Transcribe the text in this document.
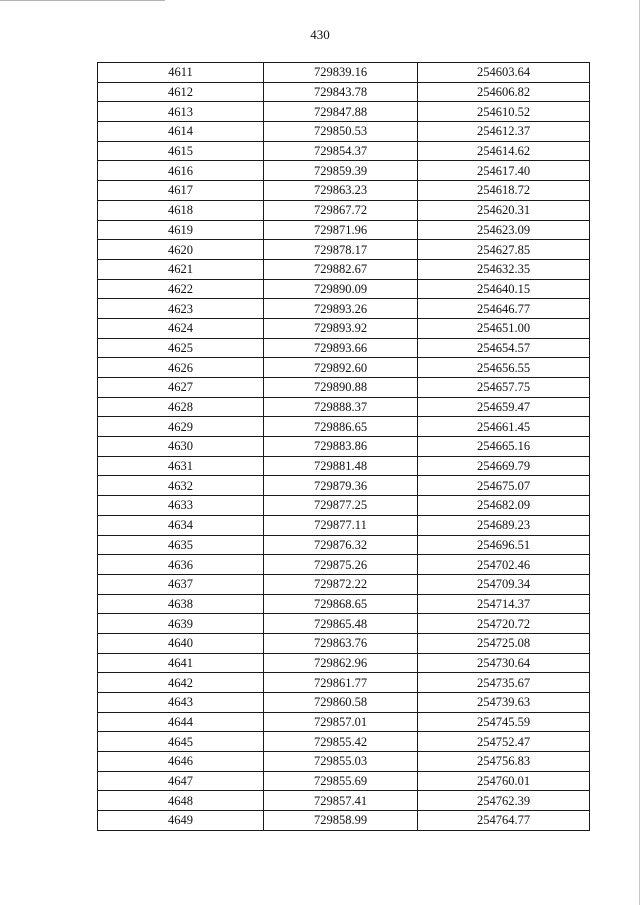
430
4611	729839.16	254603.64
4612	729843.78	254606.82
4613	729847.88	254610.52
4614	729850.53	254612.37
4615	729854.37	254614.62
4616	729859.39	254617.40
4617	729863.23	254618.72
4618	729867.72	254620.31
4619	729871.96	254623.09
4620	729878.17	254627.85
4621	729882.67	254632.35
4622	729890.09	254640.15
4623	729893.26	254646.77
4624	729893.92	254651.00
4625	729893.66	254654.57
4626	729892.60	254656.55
4627	729890.88	254657.75
4628	729888.37	254659.47
4629	729886.65	254661.45
4630	729883.86	254665.16
4631	729881.48	254669.79
4632	729879.36	254675.07
4633	729877.25	254682.09
4634	729877.11	254689.23
4635	729876.32	254696.51
4636	729875.26	254702.46
4637	729872.22	254709.34
4638	729868.65	254714.37
4639	729865.48	254720.72
4640	729863.76	254725.08
4641	729862.96	254730.64
4642	729861.77	254735.67
4643	729860.58	254739.63
4644	729857.01	254745.59
4645	729855.42	254752.47
4646	729855.03	254756.83
4647	729855.69	254760.01
4648	729857.41	254762.39
4649	729858.99	254764.77
